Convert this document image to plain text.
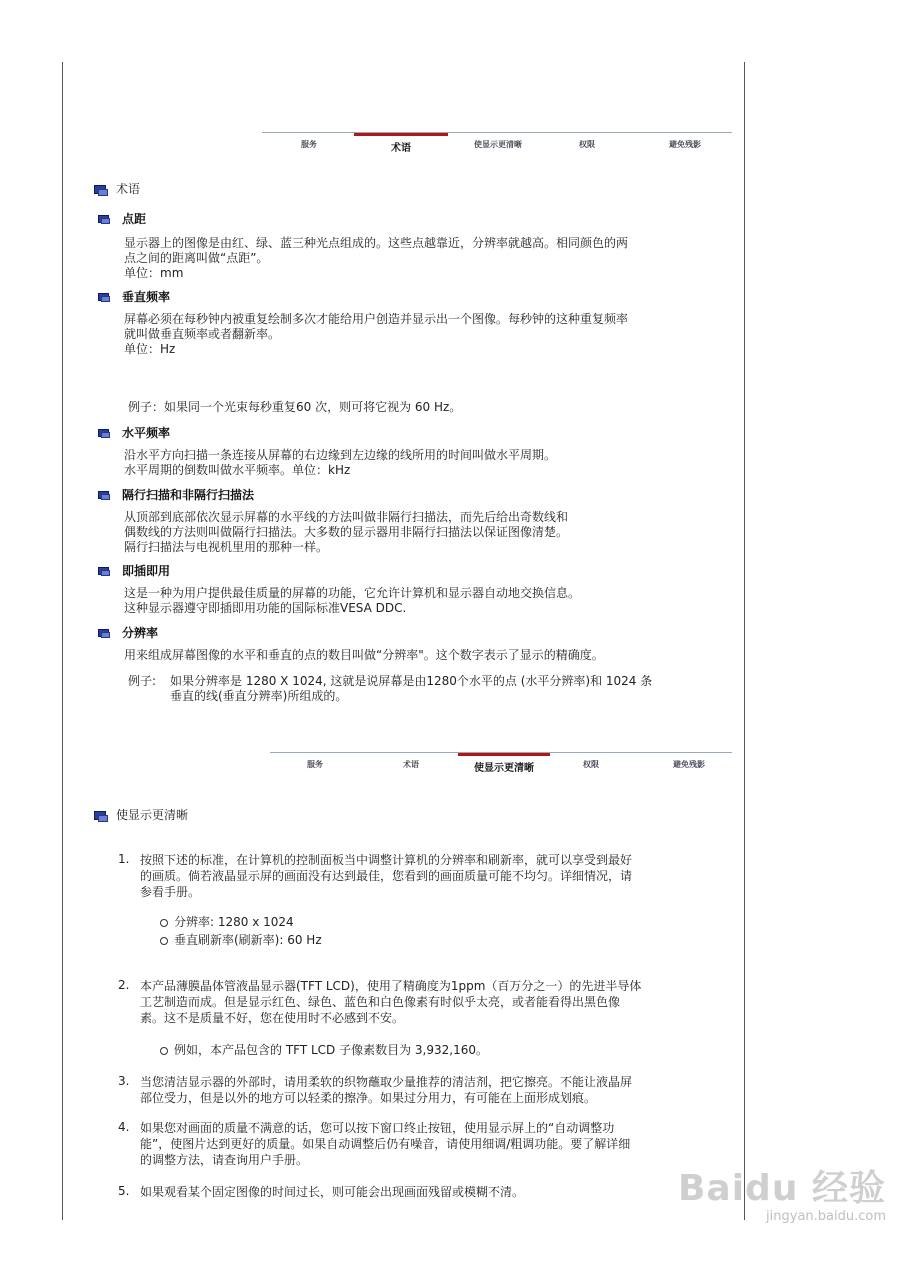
服务	术语	使显示更清晰	权限	避免残影
术语
点距
显示器上的图像是由红、绿、蓝三种光点组成的。这些点越靠近，分辨率就越高。相同颜色的两
点之间的距离叫做“点距”。
单位：mm
垂直频率
屏幕必须在每秒钟内被重复绘制多次才能给用户创造并显示出一个图像。每秒钟的这种重复频率
就叫做垂直频率或者翻新率。
单位：Hz
例子：如果同一个光束每秒重复60 次，则可将它视为 60 Hz。
水平频率
沿水平方向扫描一条连接从屏幕的右边缘到左边缘的线所用的时间叫做水平周期。
水平周期的倒数叫做水平频率。单位：kHz
隔行扫描和非隔行扫描法
从顶部到底部依次显示屏幕的水平线的方法叫做非隔行扫描法，而先后给出奇数线和
偶数线的方法则叫做隔行扫描法。大多数的显示器用非隔行扫描法以保证图像清楚。
隔行扫描法与电视机里用的那种一样。
即插即用
这是一种为用户提供最佳质量的屏幕的功能，它允许计算机和显示器自动地交换信息。
这种显示器遵守即插即用功能的国际标准VESA DDC.
分辨率
用来组成屏幕图像的水平和垂直的点的数目叫做“分辨率"。这个数字表示了显示的精确度。
例子: 如果分辨率是 1280 X 1024, 这就是说屏幕是由1280个水平的点 (水平分辨率)和 1024 条
垂直的线(垂直分辨率)所组成的。
服务	术语	使显示更清晰	权限	避免残影
使显示更清晰
1. 按照下述的标准，在计算机的控制面板当中调整计算机的分辨率和刷新率，就可以享受到最好
的画质。倘若液晶显示屏的画面没有达到最佳，您看到的画面质量可能不均匀。详细情况，请
参看手册。
分辨率: 1280 x 1024
垂直刷新率(刷新率): 60 Hz
2. 本产品薄膜晶体管液晶显示器(TFT LCD)，使用了精确度为1ppm（百万分之一）的先进半导体
工艺制造而成。但是显示红色、绿色、蓝色和白色像素有时似乎太亮，或者能看得出黑色像
素。这不是质量不好，您在使用时不必感到不安。
例如，本产品包含的 TFT LCD 子像素数目为 3,932,160。
3. 当您清洁显示器的外部时，请用柔软的织物蘸取少量推荐的清洁剂，把它擦亮。不能让液晶屏
部位受力，但是以外的地方可以轻柔的擦净。如果过分用力，有可能在上面形成划痕。
4. 如果您对画面的质量不满意的话，您可以按下窗口终止按钮，使用显示屏上的“自动调整功
能”，使图片达到更好的质量。如果自动调整后仍有噪音，请使用细调/粗调功能。要了解详细
的调整方法，请查询用户手册。
5. 如果观看某个固定图像的时间过长，则可能会出现画面残留或模糊不清。	Baidu 经验
jingyan.baidu.com
